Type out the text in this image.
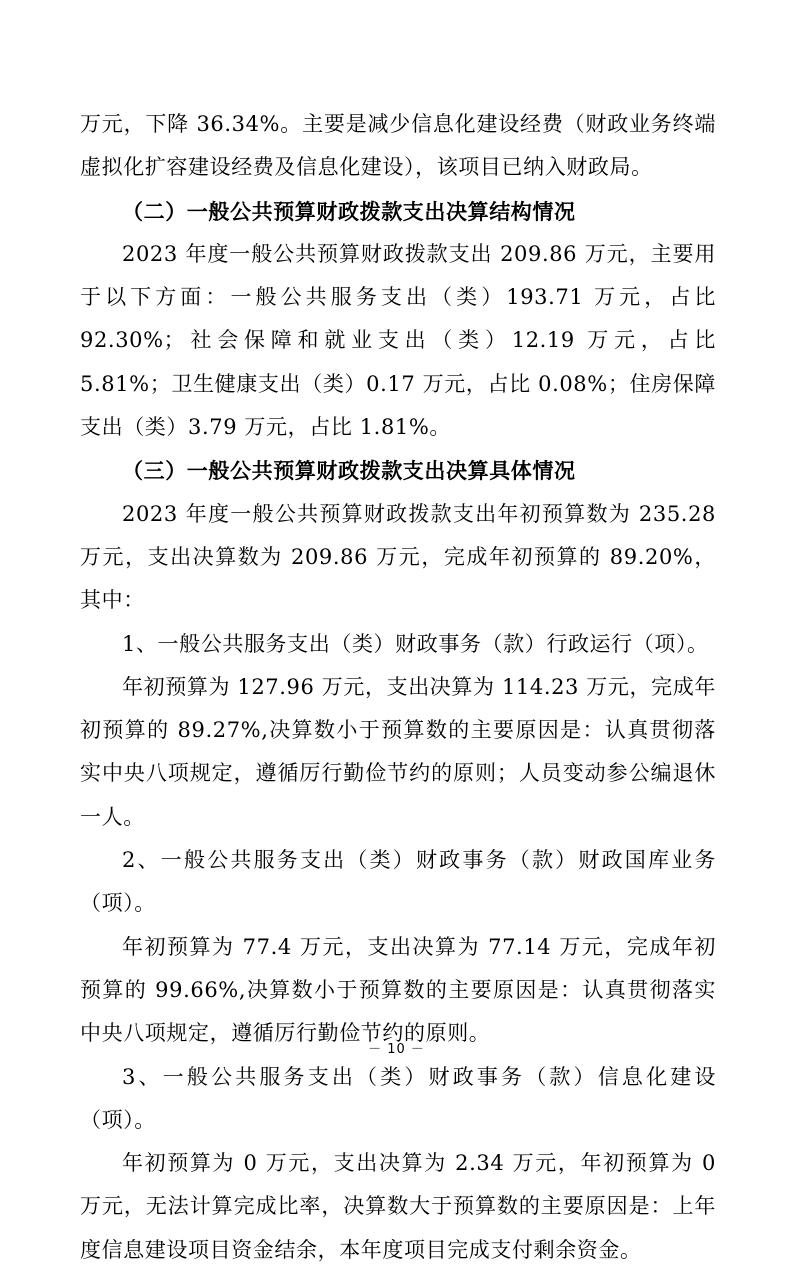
万元，下降 36.34%。主要是减少信息化建设经费（财政业务终端虚拟化扩容建设经费及信息化建设），该项目已纳入财政局。

（二）一般公共预算财政拨款支出决算结构情况

2023 年度一般公共预算财政拨款支出 209.86 万元，主要用于以下方面：一般公共服务支出（类）193.71 万元，占比 92.30%；社会保障和就业支出（类）12.19 万元，占比 5.81%；卫生健康支出（类）0.17 万元，占比 0.08%；住房保障支出（类）3.79 万元，占比 1.81%。

（三）一般公共预算财政拨款支出决算具体情况

2023 年度一般公共预算财政拨款支出年初预算数为 235.28 万元，支出决算数为 209.86 万元，完成年初预算的 89.20%，其中：

1、一般公共服务支出（类）财政事务（款）行政运行（项）。

年初预算为 127.96 万元，支出决算为 114.23 万元，完成年初预算的 89.27%,决算数小于预算数的主要原因是：认真贯彻落实中央八项规定，遵循厉行勤俭节约的原则；人员变动参公编退休一人。

2、一般公共服务支出（类）财政事务（款）财政国库业务（项）。

年初预算为 77.4 万元，支出决算为 77.14 万元，完成年初预算的 99.66%,决算数小于预算数的主要原因是：认真贯彻落实中央八项规定，遵循厉行勤俭节约的原则。

3、一般公共服务支出（类）财政事务（款）信息化建设（项）。

年初预算为 0 万元，支出决算为 2.34 万元，年初预算为 0 万元，无法计算完成比率，决算数大于预算数的主要原因是：上年度信息建设项目资金结余，本年度项目完成支付剩余资金。

－ 10 －
